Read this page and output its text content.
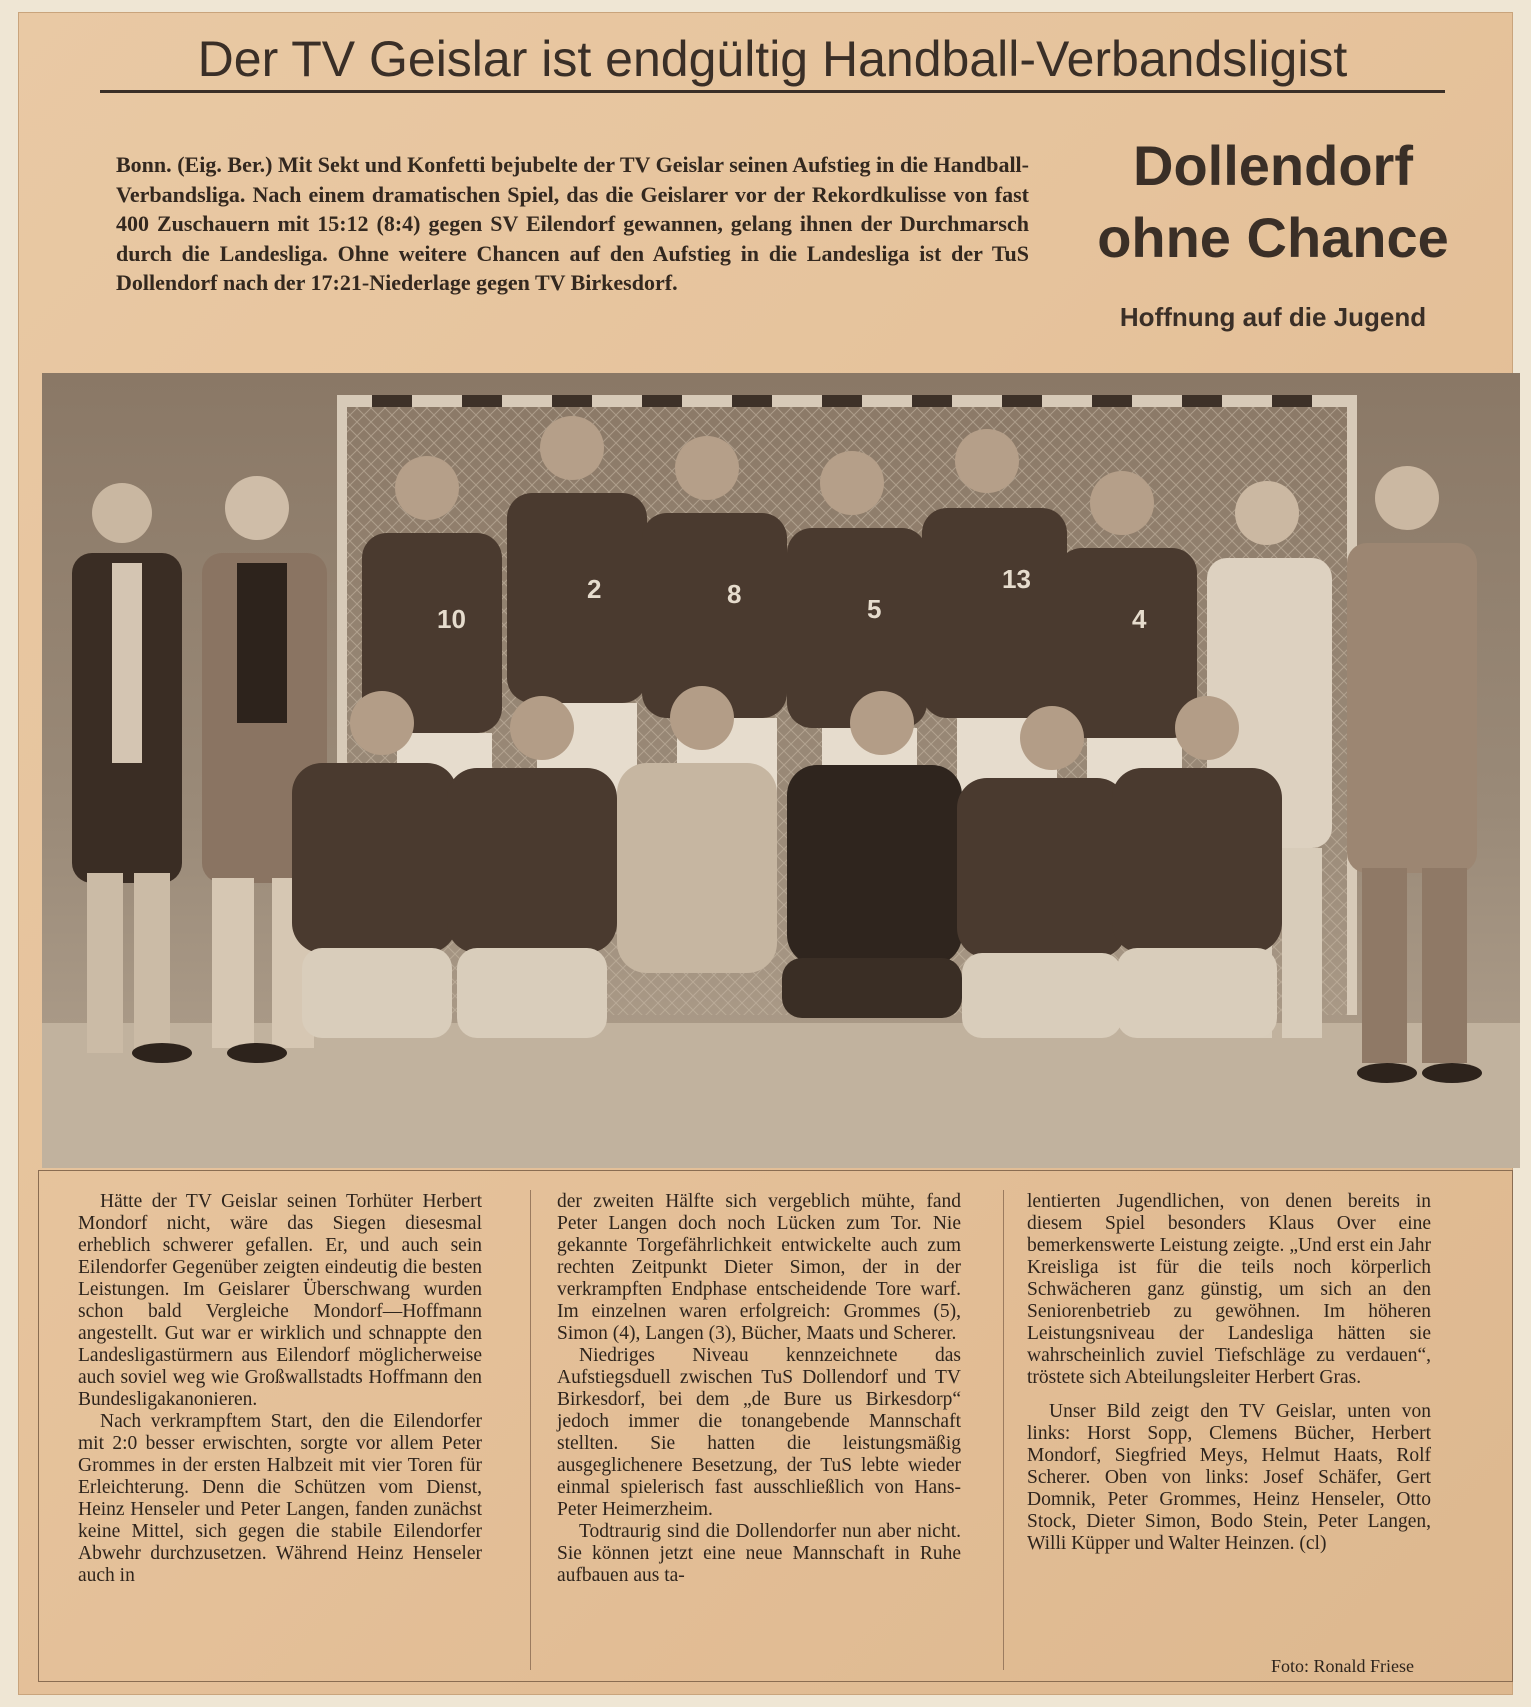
Der TV Geislar ist endgültig Handball-Verbandsligist

Bonn. (Eig. Ber.) Mit Sekt und Konfetti bejubelte der TV Geislar seinen Aufstieg in die Handball-Verbandsliga. Nach einem dramatischen Spiel, das die Geislarer vor der Rekordkulisse von fast 400 Zuschauern mit 15:12 (8:4) gegen SV Eilendorf gewannen, gelang ihnen der Durchmarsch durch die Landesliga. Ohne weitere Chancen auf den Aufstieg in die Landesliga ist der TuS Dollendorf nach der 17:21-Niederlage gegen TV Birkesdorf.

Dollendorf
ohne Chance
Hoffnung auf die Jugend
10
2	8	5
13
4

Hätte der TV Geislar seinen Torhüter Herbert Mondorf nicht, wäre das Siegen diesesmal erheblich schwerer gefallen. Er, und auch sein Eilendorfer Gegenüber zeigten eindeutig die besten Leistungen. Im Geislarer Überschwang wurden schon bald Vergleiche Mondorf—Hoffmann angestellt. Gut war er wirklich und schnappte den Landesligastürmern aus Eilendorf möglicherweise auch soviel weg wie Großwallstadts Hoffmann den Bundesligakanonieren.

Nach verkrampftem Start, den die Eilendorfer mit 2:0 besser erwischten, sorgte vor allem Peter Grommes in der ersten Halbzeit mit vier Toren für Erleichterung. Denn die Schützen vom Dienst, Heinz Henseler und Peter Langen, fanden zunächst keine Mittel, sich gegen die stabile Eilendorfer Abwehr durchzusetzen. Während Heinz Henseler auch in

der zweiten Hälfte sich vergeblich mühte, fand Peter Langen doch noch Lücken zum Tor. Nie gekannte Torgefährlichkeit entwickelte auch zum rechten Zeitpunkt Dieter Simon, der in der verkrampften Endphase entscheidende Tore warf. Im einzelnen waren erfolgreich: Grommes (5), Simon (4), Langen (3), Bücher, Maats und Scherer.

Niedriges Niveau kennzeichnete das Aufstiegsduell zwischen TuS Dollendorf und TV Birkesdorf, bei dem „de Bure us Birkesdorp“ jedoch immer die tonangebende Mannschaft stellten. Sie hatten die leistungsmäßig ausgeglichenere Besetzung, der TuS lebte wieder einmal spielerisch fast ausschließlich von Hans-Peter Heimerzheim.

Todtraurig sind die Dollendorfer nun aber nicht. Sie können jetzt eine neue Mannschaft in Ruhe aufbauen aus ta-

lentierten Jugendlichen, von denen bereits in diesem Spiel besonders Klaus Over eine bemerkenswerte Leistung zeigte. „Und erst ein Jahr Kreisliga ist für die teils noch körperlich Schwächeren ganz günstig, um sich an den Seniorenbetrieb zu gewöhnen. Im höheren Leistungsniveau der Landesliga hätten sie wahrscheinlich zuviel Tiefschläge zu verdauen“, tröstete sich Abteilungsleiter Herbert Gras.

Unser Bild zeigt den TV Geislar, unten von links: Horst Sopp, Clemens Bücher, Herbert Mondorf, Siegfried Meys, Helmut Haats, Rolf Scherer. Oben von links: Josef Schäfer, Gert Domnik, Peter Grommes, Heinz Henseler, Otto Stock, Dieter Simon, Bodo Stein, Peter Langen, Willi Küpper und Walter Heinzen. (cl)

Foto: Ronald Friese
